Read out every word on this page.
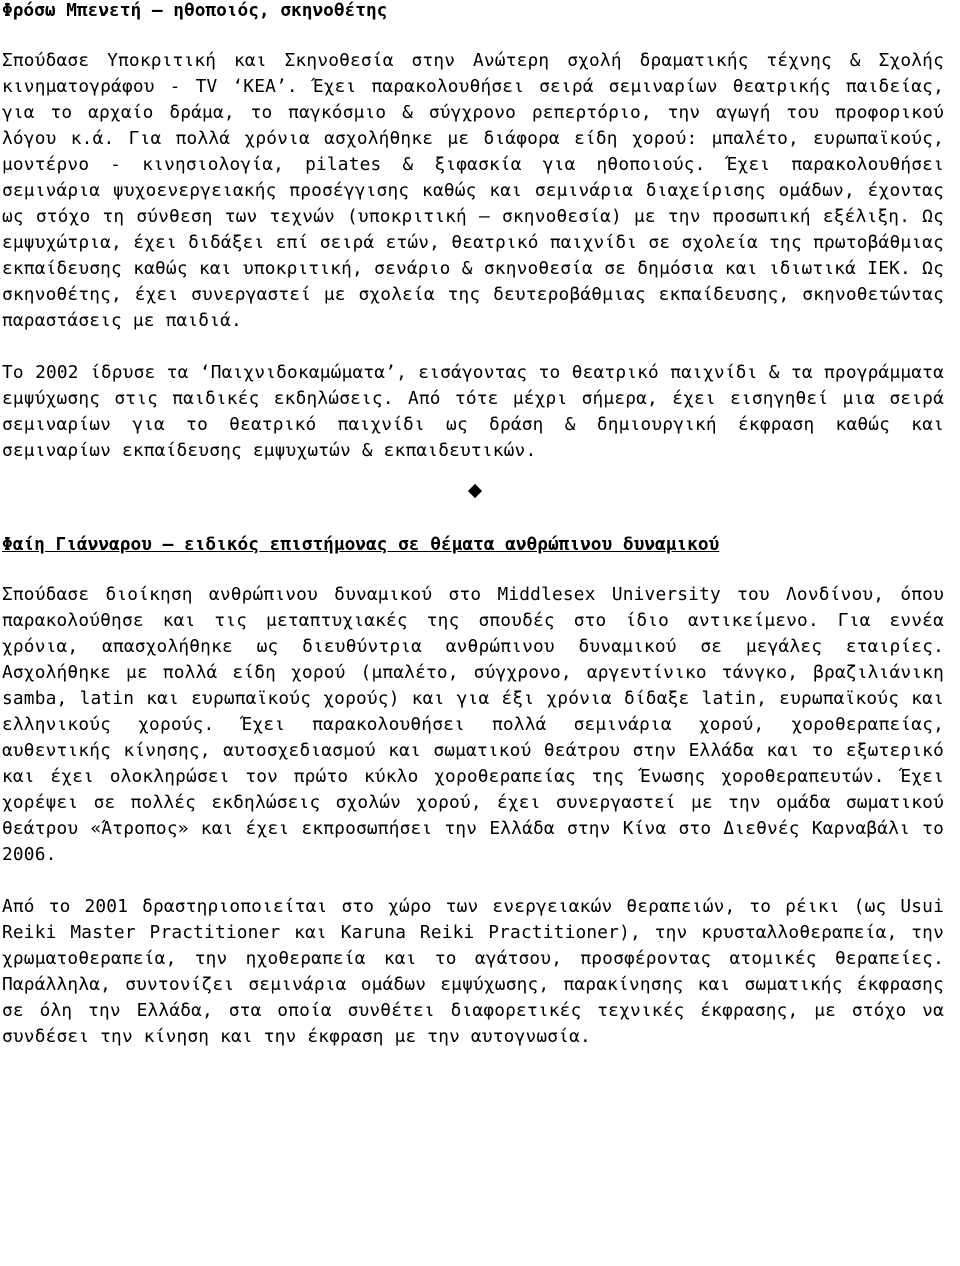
Φρόσω Μπενετή – ηθοποιός, σκηνοθέτης

Σπούδασε Υποκριτική και Σκηνοθεσία στην Ανώτερη σχολή δραματικής τέχνης & Σχολής κινηματογράφου - TV ‘ΚΕΑ’. Έχει παρακολουθήσει σειρά σεμιναρίων θεατρικής παιδείας, για το αρχαίο δράμα, το παγκόσμιο & σύγχρονο ρεπερτόριο, την αγωγή του προφορικού λόγου κ.ά. Για πολλά χρόνια ασχολήθηκε με διάφορα είδη χορού: μπαλέτο, ευρωπαϊκούς, μοντέρνο - κινησιολογία, pilates & ξιφασκία για ηθοποιούς. Έχει παρακολουθήσει σεμινάρια ψυχοενεργειακής προσέγγισης καθώς και σεμινάρια διαχείρισης ομάδων, έχοντας ως στόχο τη σύνθεση των τεχνών (υποκριτική – σκηνοθεσία) με την προσωπική εξέλιξη. Ως εμψυχώτρια, έχει διδάξει επί σειρά ετών, θεατρικό παιχνίδι σε σχολεία της πρωτοβάθμιας εκπαίδευσης καθώς και υποκριτική, σενάριο & σκηνοθεσία σε δημόσια και ιδιωτικά ΙΕΚ. Ως σκηνοθέτης, έχει συνεργαστεί με σχολεία της δευτεροβάθμιας εκπαίδευσης, σκηνοθετώντας παραστάσεις με παιδιά.

Το 2002 ίδρυσε τα ‘Παιχνιδοκαμώματα’, εισάγοντας το θεατρικό παιχνίδι & τα προγράμματα εμψύχωσης στις παιδικές εκδηλώσεις. Από τότε μέχρι σήμερα, έχει εισηγηθεί μια σειρά σεμιναρίων για το θεατρικό παιχνίδι ως δράση & δημιουργική έκφραση καθώς και σεμιναρίων εκπαίδευσης εμψυχωτών & εκπαιδευτικών.

Φαίη Γιάνναρου – ειδικός επιστήμονας σε θέματα ανθρώπινου δυναμικού

Σπούδασε διοίκηση ανθρώπινου δυναμικού στο Middlesex University του Λονδίνου, όπου παρακολούθησε και τις μεταπτυχιακές της σπουδές στο ίδιο αντικείμενο. Για εννέα χρόνια, απασχολήθηκε ως διευθύντρια ανθρώπινου δυναμικού σε μεγάλες εταιρίες. Ασχολήθηκε με πολλά είδη χορού (μπαλέτο, σύγχρονο, αργεντίνικο τάνγκο, βραζιλιάνικη samba, latin και ευρωπαϊκούς χορούς) και για έξι χρόνια δίδαξε latin, ευρωπαϊκούς και ελληνικούς χορούς. Έχει παρακολουθήσει πολλά σεμινάρια χορού, χοροθεραπείας, αυθεντικής κίνησης, αυτοσχεδιασμού και σωματικού θεάτρου στην Ελλάδα και το εξωτερικό και έχει ολοκληρώσει τον πρώτο κύκλο χοροθεραπείας της Ένωσης χοροθεραπευτών. Έχει χορέψει σε πολλές εκδηλώσεις σχολών χορού, έχει συνεργαστεί με την ομάδα σωματικού θεάτρου «Άτροπος» και έχει εκπροσωπήσει την Ελλάδα στην Κίνα στο Διεθνές Καρναβάλι το 2006.

Από το 2001 δραστηριοποιείται στο χώρο των ενεργειακών θεραπειών, το ρέικι (ως Usui Reiki Master Practitioner και Karuna Reiki Practitioner), την κρυσταλλοθεραπεία, την χρωματοθεραπεία, την ηχοθεραπεία και το αγάτσου, προσφέροντας ατομικές θεραπείες. Παράλληλα, συντονίζει σεμινάρια ομάδων εμψύχωσης, παρακίνησης και σωματικής έκφρασης σε όλη την Ελλάδα, στα οποία συνθέτει διαφορετικές τεχνικές έκφρασης, με στόχο να συνδέσει την κίνηση και την έκφραση με την αυτογνωσία.
